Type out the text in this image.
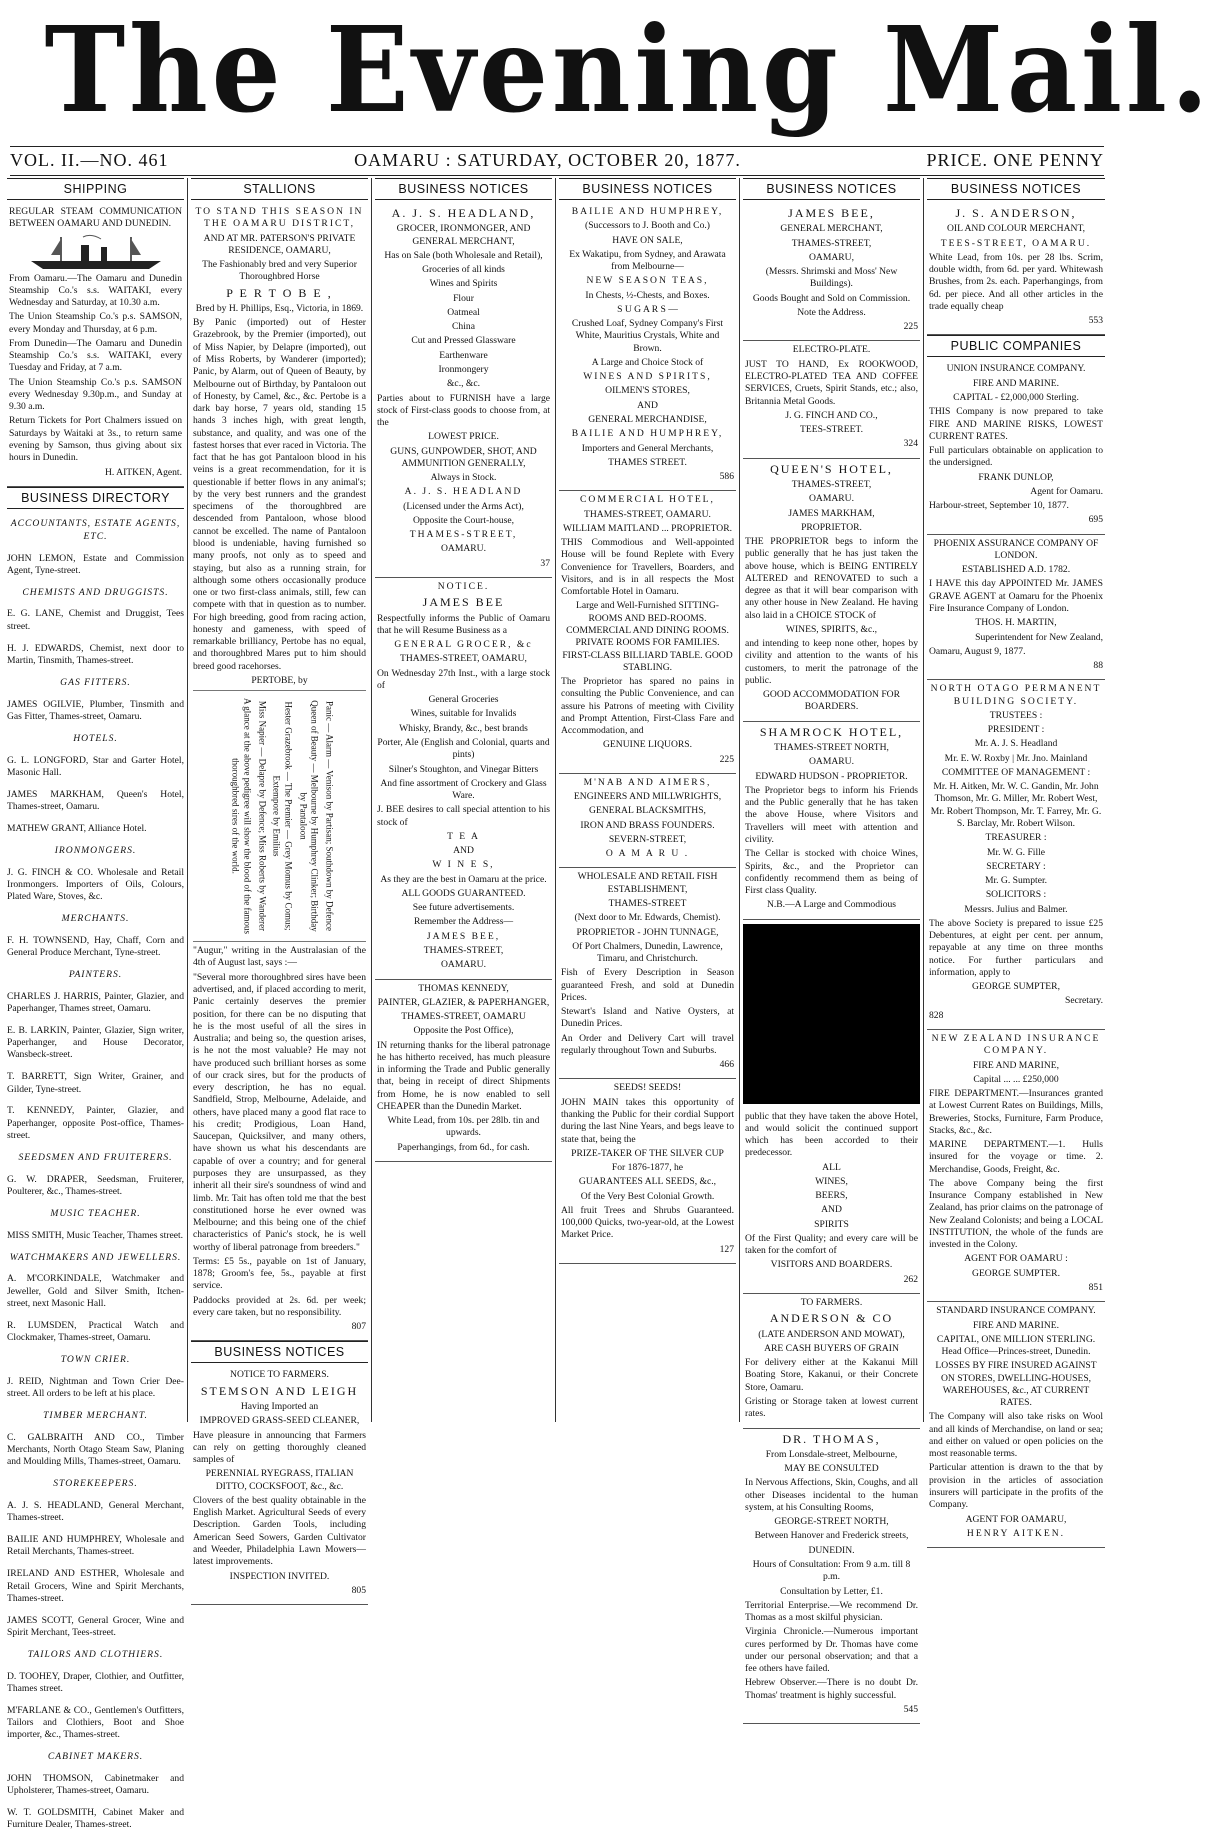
The Evening Mail.
VOL. II.—NO. 461	OAMARU : SATURDAY, OCTOBER 20, 1877.	PRICE. ONE PENNY
SHIPPING

REGULAR STEAM COMMUNICATION BETWEEN OAMARU AND DUNEDIN.

From Oamaru.—The Oamaru and Dunedin Steamship Co.'s s.s. WAITAKI, every Wednesday and Saturday, at 10.30 a.m.

The Union Steamship Co.'s p.s. SAMSON, every Monday and Thursday, at 6 p.m.

From Dunedin—The Oamaru and Dunedin Steamship Co.'s s.s. WAITAKI, every Tuesday and Friday, at 7 a.m.

The Union Steamship Co.'s p.s. SAMSON every Wednesday 9.30p.m., and Sunday at 9.30 a.m.

Return Tickets for Port Chalmers issued on Saturdays by Waitaki at 3s., to return same evening by Samson, thus giving about six hours in Dunedin.

H. AITKEN, Agent.

BUSINESS DIRECTORY

ACCOUNTANTS, ESTATE AGENTS, ETC.

JOHN LEMON, Estate and Commission Agent, Tyne-street.

CHEMISTS AND DRUGGISTS.

E. G. LANE, Chemist and Druggist, Tees street.

H. J. EDWARDS, Chemist, next door to Martin, Tinsmith, Thames-street.

GAS FITTERS.

JAMES OGILVIE, Plumber, Tinsmith and Gas Fitter, Thames-street, Oamaru.

HOTELS.

G. L. LONGFORD, Star and Garter Hotel, Masonic Hall.

JAMES MARKHAM, Queen's Hotel, Thames-street, Oamaru.

MATHEW GRANT, Alliance Hotel.

IRONMONGERS.

J. G. FINCH & CO. Wholesale and Retail Ironmongers. Importers of Oils, Colours, Plated Ware, Stoves, &c.

MERCHANTS.

F. H. TOWNSEND, Hay, Chaff, Corn and General Produce Merchant, Tyne-street.

PAINTERS.

CHARLES J. HARRIS, Painter, Glazier, and Paperhanger, Thames street, Oamaru.

E. B. LARKIN, Painter, Glazier, Sign writer, Paperhanger, and House Decorator, Wansbeck-street.

T. BARRETT, Sign Writer, Grainer, and Gilder, Tyne-street.

T. KENNEDY, Painter, Glazier, and Paperhanger, opposite Post-office, Thames-street.

SEEDSMEN AND FRUITERERS.

G. W. DRAPER, Seedsman, Fruiterer, Poulterer, &c., Thames-street.

MUSIC TEACHER.

MISS SMITH, Music Teacher, Thames street.

WATCHMAKERS AND JEWELLERS.

A. M'CORKINDALE, Watchmaker and Jeweller, Gold and Silver Smith, Itchen-street, next Masonic Hall.

R. LUMSDEN, Practical Watch and Clockmaker, Thames-street, Oamaru.

TOWN CRIER.

J. REID, Nightman and Town Crier Dee-street. All orders to be left at his place.

TIMBER MERCHANT.

C. GALBRAITH AND CO., Timber Merchants, North Otago Steam Saw, Planing and Moulding Mills, Thames-street, Oamaru.

STOREKEEPERS.

A. J. S. HEADLAND, General Merchant, Thames-street.

BAILIE AND HUMPHREY, Wholesale and Retail Merchants, Thames-street.

IRELAND AND ESTHER, Wholesale and Retail Grocers, Wine and Spirit Merchants, Thames-street.

JAMES SCOTT, General Grocer, Wine and Spirit Merchant, Tees-street.

TAILORS AND CLOTHIERS.

D. TOOHEY, Draper, Clothier, and Outfitter, Thames street.

M'FARLANE & CO., Gentlemen's Outfitters, Tailors and Clothiers, Boot and Shoe importer, &c., Thames-street.

CABINET MAKERS.

JOHN THOMSON, Cabinetmaker and Upholsterer, Thames-street, Oamaru.

W. T. GOLDSMITH, Cabinet Maker and Furniture Dealer, Thames-street.

STALLIONS

TO STAND THIS SEASON IN THE OAMARU DISTRICT,

AND AT MR. PATERSON'S PRIVATE RESIDENCE, OAMARU,

The Fashionably bred and very Superior Thoroughbred Horse

P E R T O B E ,

Bred by H. Phillips, Esq., Victoria, in 1869.

By Panic (imported) out of Hester Grazebrook, by the Premier (imported), out of Miss Napier, by Delapre (imported), out of Miss Roberts, by Wanderer (imported); Panic, by Alarm, out of Queen of Beauty, by Melbourne out of Birthday, by Pantaloon out of Honesty, by Camel, &c., &c. Pertobe is a dark bay horse, 7 years old, standing 15 hands 3 inches high, with great length, substance, and quality, and was one of the fastest horses that ever raced in Victoria. The fact that he has got Pantaloon blood in his veins is a great recommendation, for it is questionable if better flows in any animal's; by the very best runners and the grandest specimens of the thoroughbred are descended from Pantaloon, whose blood cannot be excelled. The name of Pantaloon blood is undeniable, having furnished so many proofs, not only as to speed and staying, but also as a running strain, for although some others occasionally produce one or two first-class animals, still, few can compete with that in question as to number. For high breeding, good from racing action, honesty and gameness, with speed of remarkable brilliancy, Pertobe has no equal, and thoroughbred Mares put to him should breed good racehorses.

PERTOBE, by

Panic — Alarm — Venison by Partisan; Southdown by Defence

Queen of Beauty — Melbourne by Humphrey Clinker; Birthday by Pantaloon

Hester Grazebrook — The Premier — Grey Momus by Comus; Extempore by Emilius

Miss Napier — Delapre by Defence; Miss Roberts by Wanderer

A glance at the above pedigree will show the blood of the famous thoroughbred sires of the world.

"Augur," writing in the Australasian of the 4th of August last, says :—

"Several more thoroughbred sires have been advertised, and, if placed according to merit, Panic certainly deserves the premier position, for there can be no disputing that he is the most useful of all the sires in Australia; and being so, the question arises, is he not the most valuable? He may not have produced such brilliant horses as some of our crack sires, but for the products of every description, he has no equal. Sandfield, Strop, Melbourne, Adelaide, and others, have placed many a good flat race to his credit; Prodigious, Loan Hand, Saucepan, Quicksilver, and many others, have shown us what his descendants are capable of over a country; and for general purposes they are unsurpassed, as they inherit all their sire's soundness of wind and limb. Mr. Tait has often told me that the best constitutioned horse he ever owned was Melbourne; and this being one of the chief characteristics of Panic's stock, he is well worthy of liberal patronage from breeders."

Terms: £5 5s., payable on 1st of January, 1878; Groom's fee, 5s., payable at first service.

Paddocks provided at 2s. 6d. per week; every care taken, but no responsibility.

807

BUSINESS NOTICES

NOTICE TO FARMERS.

STEMSON AND LEIGH

Having Imported an

IMPROVED GRASS-SEED CLEANER,

Have pleasure in announcing that Farmers can rely on getting thoroughly cleaned samples of

PERENNIAL RYEGRASS, ITALIAN DITTO, COCKSFOOT, &c., &c.

Clovers of the best quality obtainable in the English Market. Agricultural Seeds of every Description. Garden Tools, including American Seed Sowers, Garden Cultivator and Weeder, Philadelphia Lawn Mowers—latest improvements.

INSPECTION INVITED.

805

BUSINESS NOTICES

A. J. S. HEADLAND,

GROCER, IRONMONGER, AND GENERAL MERCHANT,

Has on Sale (both Wholesale and Retail),

Groceries of all kinds

Wines and Spirits

Flour

Oatmeal

China

Cut and Pressed Glassware

Earthenware

Ironmongery

&c., &c.

Parties about to FURNISH have a large stock of First-class goods to choose from, at the

LOWEST PRICE.

GUNS, GUNPOWDER, SHOT, AND AMMUNITION GENERALLY,

Always in Stock.

A. J. S. HEADLAND

(Licensed under the Arms Act),

Opposite the Court-house,

THAMES-STREET,

OAMARU.

37

NOTICE.

JAMES BEE

Respectfully informs the Public of Oamaru that he will Resume Business as a

GENERAL GROCER, &c

THAMES-STREET, OAMARU,

On Wednesday 27th Inst., with a large stock of

General Groceries

Wines, suitable for Invalids

Whisky, Brandy, &c., best brands

Porter, Ale (English and Colonial, quarts and pints)

Silner's Stoughton, and Vinegar Bitters

And fine assortment of Crockery and Glass Ware.

J. BEE desires to call special attention to his stock of

T E A

AND

W I N E S,

As they are the best in Oamaru at the price.

ALL GOODS GUARANTEED.

See future advertisements.

Remember the Address—

JAMES BEE,

THAMES-STREET,

OAMARU.

THOMAS KENNEDY,

PAINTER, GLAZIER, & PAPERHANGER,

THAMES-STREET, OAMARU

Opposite the Post Office),

IN returning thanks for the liberal patronage he has hitherto received, has much pleasure in informing the Trade and Public generally that, being in receipt of direct Shipments from Home, he is now enabled to sell CHEAPER than the Dunedin Market.

White Lead, from 10s. per 28lb. tin and upwards.

Paperhangings, from 6d., for cash.

BUSINESS NOTICES

BAILIE AND HUMPHREY,

(Successors to J. Booth and Co.)

HAVE ON SALE,

Ex Wakatipu, from Sydney, and Arawata from Melbourne—

NEW SEASON TEAS,

In Chests, ½-Chests, and Boxes.

S U G A R S —

Crushed Loaf, Sydney Company's First White, Mauritius Crystals, White and Brown.

A Large and Choice Stock of

WINES AND SPIRITS,

OILMEN'S STORES,

AND

GENERAL MERCHANDISE,

BAILIE AND HUMPHREY,

Importers and General Merchants,

THAMES STREET.

586

COMMERCIAL HOTEL,

THAMES-STREET, OAMARU.

WILLIAM MAITLAND ... PROPRIETOR.

THIS Commodious and Well-appointed House will be found Replete with Every Convenience for Travellers, Boarders, and Visitors, and is in all respects the Most Comfortable Hotel in Oamaru.

Large and Well-Furnished SITTING-ROOMS AND BED-ROOMS. COMMERCIAL AND DINING ROOMS. PRIVATE ROOMS FOR FAMILIES. FIRST-CLASS BILLIARD TABLE. GOOD STABLING.

The Proprietor has spared no pains in consulting the Public Convenience, and can assure his Patrons of meeting with Civility and Prompt Attention, First-Class Fare and Accommodation, and

GENUINE LIQUORS.

225

M'NAB AND AIMERS,

ENGINEERS AND MILLWRIGHTS,

GENERAL BLACKSMITHS,

IRON AND BRASS FOUNDERS.

SEVERN-STREET,

O A M A R U .

WHOLESALE AND RETAIL FISH ESTABLISHMENT,

THAMES-STREET

(Next door to Mr. Edwards, Chemist).

PROPRIETOR - JOHN TUNNAGE,

Of Port Chalmers, Dunedin, Lawrence, Timaru, and Christchurch.

Fish of Every Description in Season guaranteed Fresh, and sold at Dunedin Prices.

Stewart's Island and Native Oysters, at Dunedin Prices.

An Order and Delivery Cart will travel regularly throughout Town and Suburbs.

466

SEEDS! SEEDS!

JOHN MAIN takes this opportunity of thanking the Public for their cordial Support during the last Nine Years, and begs leave to state that, being the

PRIZE-TAKER OF THE SILVER CUP

For 1876-1877, he

GUARANTEES ALL SEEDS, &c.,

Of the Very Best Colonial Growth.

All fruit Trees and Shrubs Guaranteed. 100,000 Quicks, two-year-old, at the Lowest Market Price.

127

BUSINESS NOTICES

JAMES BEE,

GENERAL MERCHANT,

THAMES-STREET,

OAMARU,

(Messrs. Shrimski and Moss' New Buildings).

Goods Bought and Sold on Commission.

Note the Address.

225

ELECTRO-PLATE.

JUST TO HAND, Ex ROOKWOOD, ELECTRO-PLATED TEA AND COFFEE SERVICES, Cruets, Spirit Stands, etc.; also, Britannia Metal Goods.

J. G. FINCH AND CO.,

TEES-STREET.

324

QUEEN'S HOTEL,

THAMES-STREET,

OAMARU.

JAMES MARKHAM,

PROPRIETOR.

THE PROPRIETOR begs to inform the public generally that he has just taken the above house, which is BEING ENTIRELY ALTERED and RENOVATED to such a degree as that it will bear comparison with any other house in New Zealand. He having also laid in a CHOICE STOCK of

WINES, SPIRITS, &c.,

and intending to keep none other, hopes by civility and attention to the wants of his customers, to merit the patronage of the public.

GOOD ACCOMMODATION FOR BOARDERS.

SHAMROCK HOTEL,

THAMES-STREET NORTH,

OAMARU.

EDWARD HUDSON - PROPRIETOR.

The Proprietor begs to inform his Friends and the Public generally that he has taken the above House, where Visitors and Travellers will meet with attention and civility.

The Cellar is stocked with choice Wines, Spirits, &c., and the Proprietor can confidently recommend them as being of First class Quality.

N.B.—A Large and Commodious

public that they have taken the above Hotel, and would solicit the continued support which has been accorded to their predecessor.

ALL

WINES,

BEERS,

AND

SPIRITS

Of the First Quality; and every care will be taken for the comfort of

VISITORS AND BOARDERS.

262

TO FARMERS.

ANDERSON & CO

(LATE ANDERSON AND MOWAT),

ARE CASH BUYERS OF GRAIN

For delivery either at the Kakanui Mill Boating Store, Kakanui, or their Concrete Store, Oamaru.

Gristing or Storage taken at lowest current rates.

DR. THOMAS,

From Lonsdale-street, Melbourne,

MAY BE CONSULTED

In Nervous Affections, Skin, Coughs, and all other Diseases incidental to the human system, at his Consulting Rooms,

GEORGE-STREET NORTH,

Between Hanover and Frederick streets,

DUNEDIN.

Hours of Consultation: From 9 a.m. till 8 p.m.

Consultation by Letter, £1.

Territorial Enterprise.—We recommend Dr. Thomas as a most skilful physician.

Virginia Chronicle.—Numerous important cures performed by Dr. Thomas have come under our personal observation; and that a fee others have failed.

Hebrew Observer.—There is no doubt Dr. Thomas' treatment is highly successful.

545

BUSINESS NOTICES

J. S. ANDERSON,

OIL AND COLOUR MERCHANT,

TEES-STREET, OAMARU.

White Lead, from 10s. per 28 lbs. Scrim, double width, from 6d. per yard. Whitewash Brushes, from 2s. each. Paperhangings, from 6d. per piece. And all other articles in the trade equally cheap

553

PUBLIC COMPANIES

UNION INSURANCE COMPANY.

FIRE AND MARINE.

CAPITAL - £2,000,000 Sterling.

THIS Company is now prepared to take FIRE AND MARINE RISKS, LOWEST CURRENT RATES.

Full particulars obtainable on application to the undersigned.

FRANK DUNLOP,

Agent for Oamaru.

Harbour-street, September 10, 1877.

695

PHOENIX ASSURANCE COMPANY OF LONDON.

ESTABLISHED A.D. 1782.

I HAVE this day APPOINTED Mr. JAMES GRAVE AGENT at Oamaru for the Phoenix Fire Insurance Company of London.

THOS. H. MARTIN,

Superintendent for New Zealand,

Oamaru, August 9, 1877.

88

NORTH OTAGO PERMANENT BUILDING SOCIETY.

TRUSTEES :

PRESIDENT :

Mr. A. J. S. Headland

Mr. E. W. Roxby | Mr. Jno. Mainland

COMMITTEE OF MANAGEMENT :

Mr. H. Aitken, Mr. W. C. Gandin, Mr. John Thomson, Mr. G. Miller, Mr. Robert West, Mr. Robert Thompson, Mr. T. Farrey, Mr. G. S. Barclay, Mr. Robert Wilson.

TREASURER :

Mr. W. G. Fille

SECRETARY :

Mr. G. Sumpter.

SOLICITORS :

Messrs. Julius and Balmer.

The above Society is prepared to issue £25 Debentures, at eight per cent. per annum, repayable at any time on three months notice. For further particulars and information, apply to

GEORGE SUMPTER,

Secretary.

828

NEW ZEALAND INSURANCE COMPANY.

FIRE AND MARINE,

Capital ... ... £250,000

FIRE DEPARTMENT.—Insurances granted at Lowest Current Rates on Buildings, Mills, Breweries, Stocks, Furniture, Farm Produce, Stacks, &c., &c.

MARINE DEPARTMENT.—1. Hulls insured for the voyage or time. 2. Merchandise, Goods, Freight, &c.

The above Company being the first Insurance Company established in New Zealand, has prior claims on the patronage of New Zealand Colonists; and being a LOCAL INSTITUTION, the whole of the funds are invested in the Colony.

AGENT FOR OAMARU :

GEORGE SUMPTER.

851

STANDARD INSURANCE COMPANY.

FIRE AND MARINE.

CAPITAL, ONE MILLION STERLING. Head Office—Princes-street, Dunedin.

LOSSES BY FIRE INSURED AGAINST ON STORES, DWELLING-HOUSES, WAREHOUSES, &c., AT CURRENT RATES.

The Company will also take risks on Wool and all kinds of Merchandise, on land or sea; and either on valued or open policies on the most reasonable terms.

Particular attention is drawn to the that by provision in the articles of association insurers will participate in the profits of the Company.

AGENT FOR OAMARU,

HENRY AITKEN.
